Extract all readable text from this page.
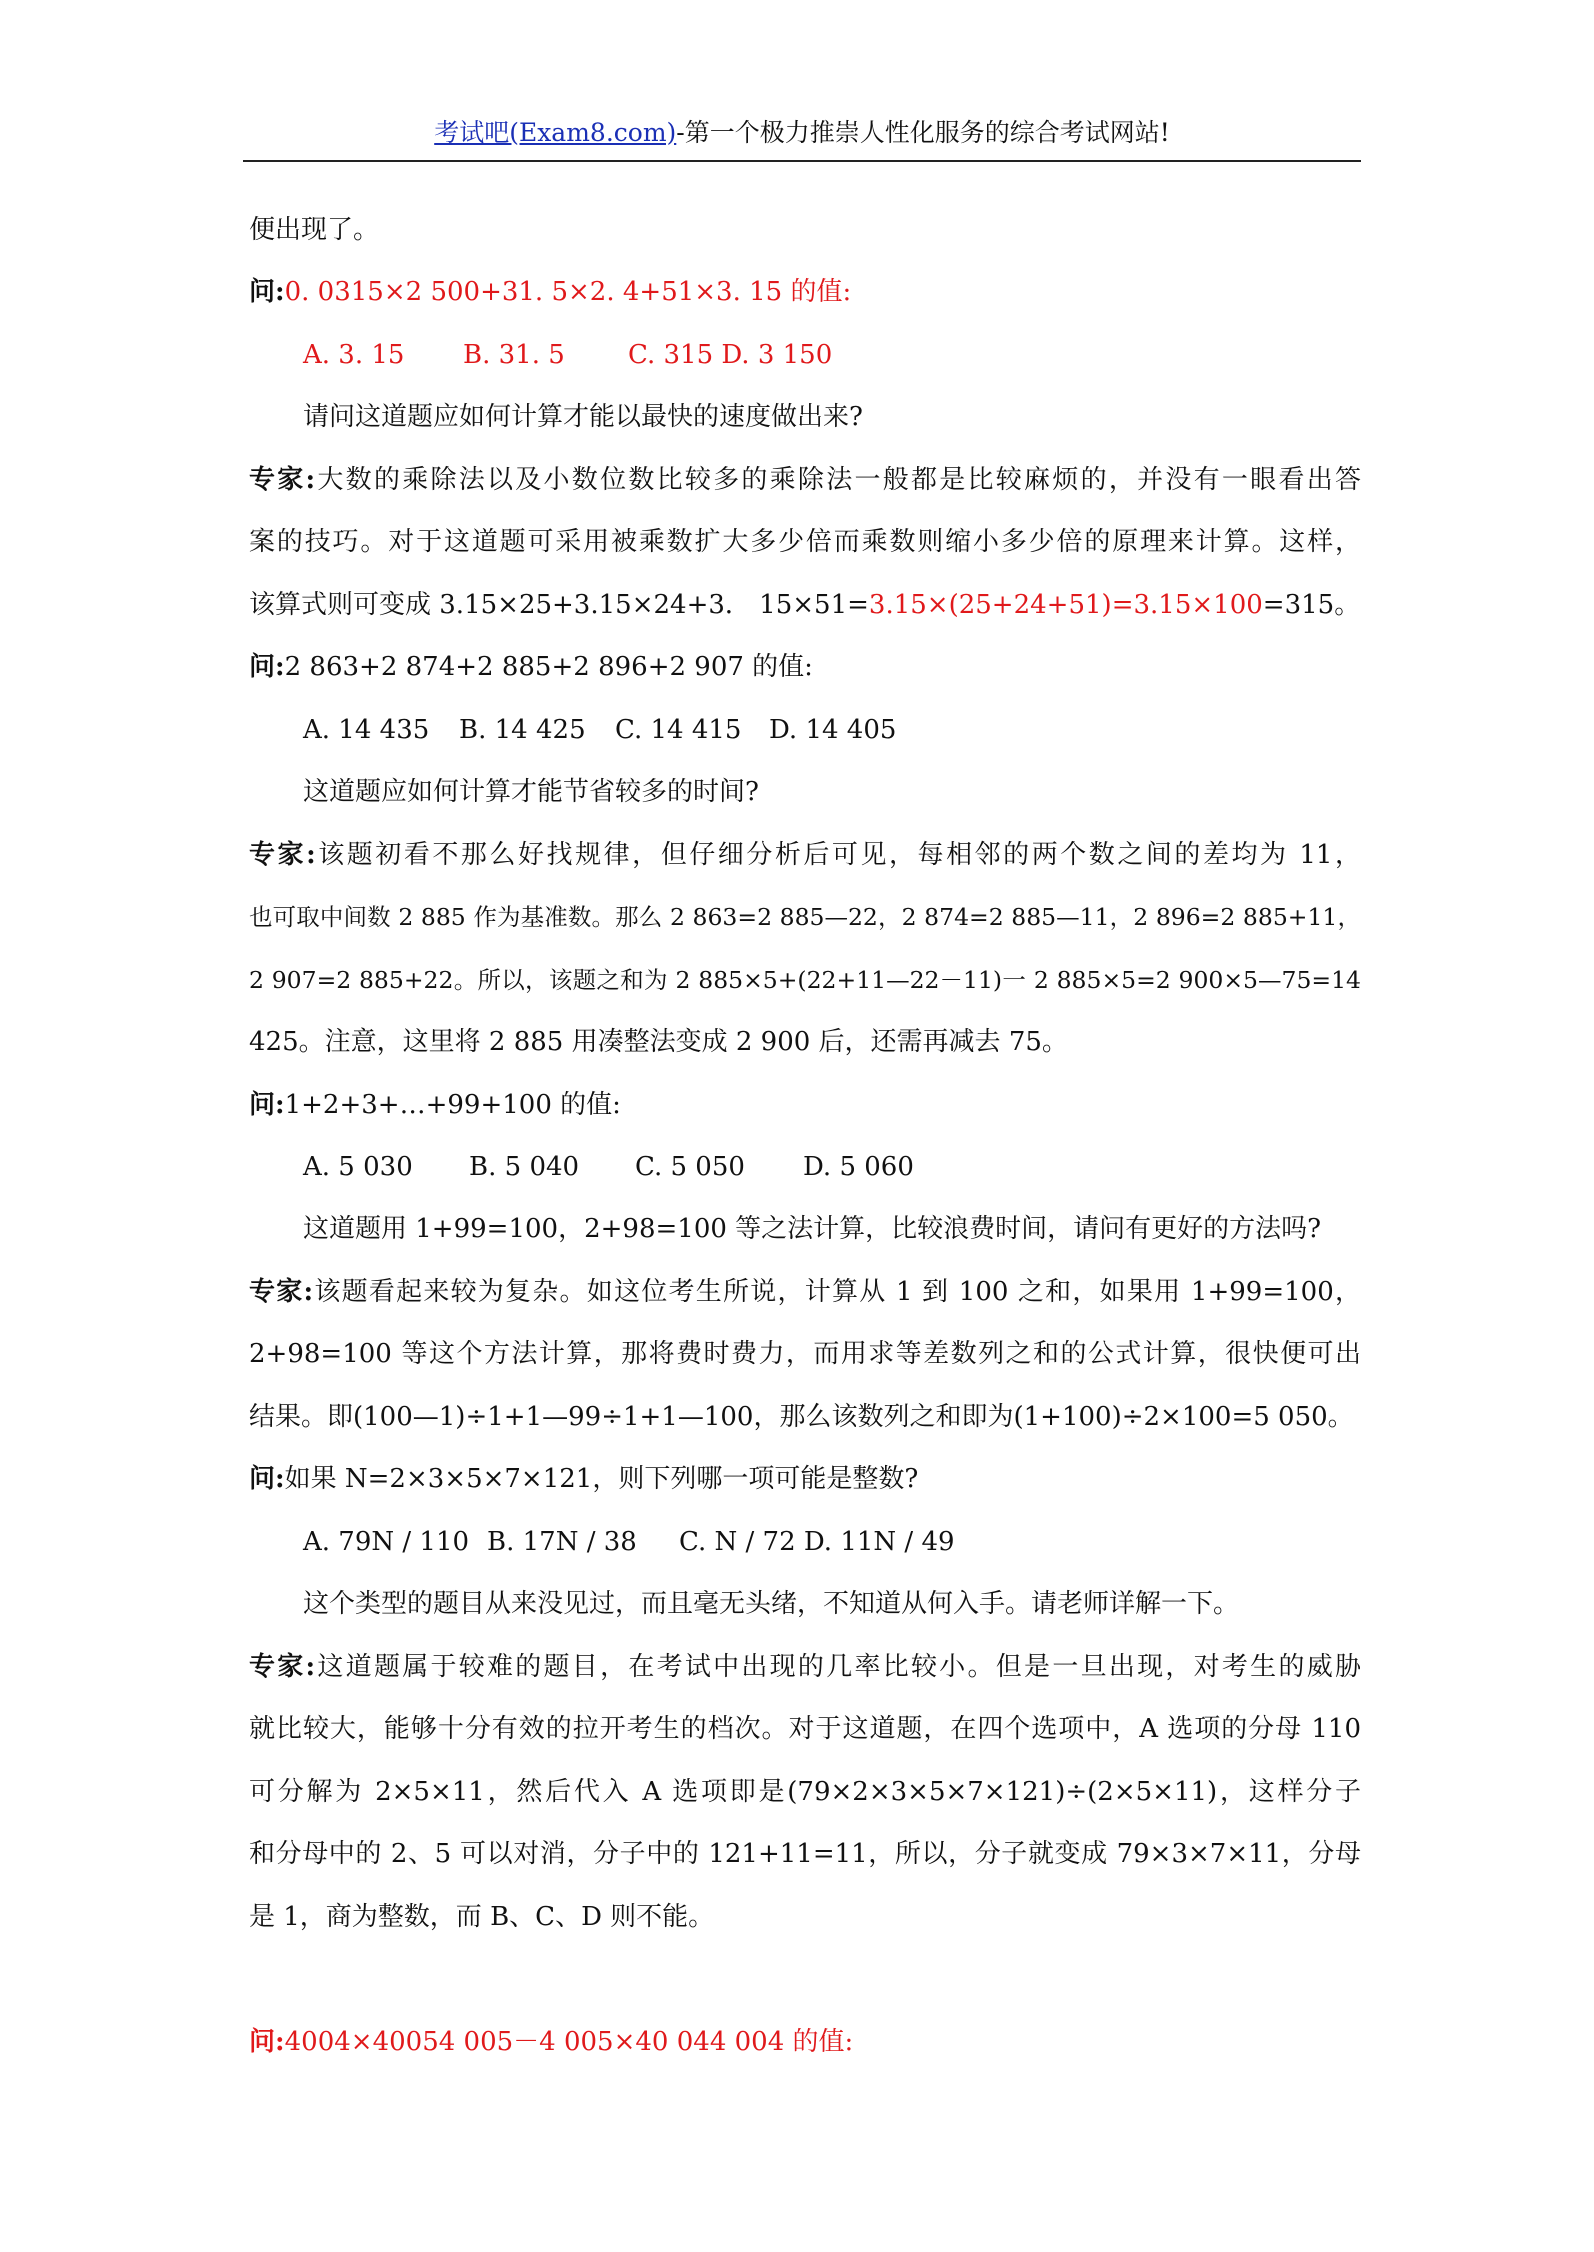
考试吧(Exam8.com)-第一个极力推崇人性化服务的综合考试网站!
便出现了。
问:0. 0315×2 500+31. 5×2. 4+51×3. 15 的值:
A. 3. 15 B. 31. 5 C. 315 D. 3 150
请问这道题应如何计算才能以最快的速度做出来?
专家:大数的乘除法以及小数位数比较多的乘除法一般都是比较麻烦的，并没有一眼看出答
案的技巧。对于这道题可采用被乘数扩大多少倍而乘数则缩小多少倍的原理来计算。这样，
该算式则可变成 3.15×25+3.15×24+3． 15×51=3.15×(25+24+51)=3.15×100=315。
问:2 863+2 874+2 885+2 896+2 907 的值:
A. 14 435 B. 14 425 C. 14 415 D. 14 405
这道题应如何计算才能节省较多的时间?
专家:该题初看不那么好找规律，但仔细分析后可见，每相邻的两个数之间的差均为 11，
也可取中间数 2 885 作为基准数。那么 2 863=2 885—22，2 874=2 885—11，2 896=2 885+11，
2 907=2 885+22。所以，该题之和为 2 885×5+(22+11—22－11)一 2 885×5=2 900×5—75=14
425。注意，这里将 2 885 用凑整法变成 2 900 后，还需再减去 75。
问:1+2+3+…+99+100 的值:
A. 5 030 B. 5 040 C. 5 050 D. 5 060
这道题用 1+99=100，2+98=100 等之法计算，比较浪费时间，请问有更好的方法吗?
专家:该题看起来较为复杂。如这位考生所说，计算从 1 到 100 之和，如果用 1+99=100，
2+98=100 等这个方法计算，那将费时费力，而用求等差数列之和的公式计算，很快便可出
结果。即(100—1)÷1+1—99÷1+1—100，那么该数列之和即为(1+100)÷2×100=5 050。
问:如果 N=2×3×5×7×121，则下列哪一项可能是整数?
A. 79N / 110 B. 17N / 38 C. N / 72 D. 11N / 49
这个类型的题目从来没见过，而且毫无头绪，不知道从何入手。请老师详解一下。
专家:这道题属于较难的题目，在考试中出现的几率比较小。但是一旦出现，对考生的威胁
就比较大，能够十分有效的拉开考生的档次。对于这道题，在四个选项中，A 选项的分母 110
可分解为 2×5×11，然后代入 A 选项即是(79×2×3×5×7×121)÷(2×5×11)，这样分子
和分母中的 2、5 可以对消，分子中的 121+11=11，所以，分子就变成 79×3×7×11，分母
是 1，商为整数，而 B、C、D 则不能。
问:4004×40054 005－4 005×40 044 004 的值:
